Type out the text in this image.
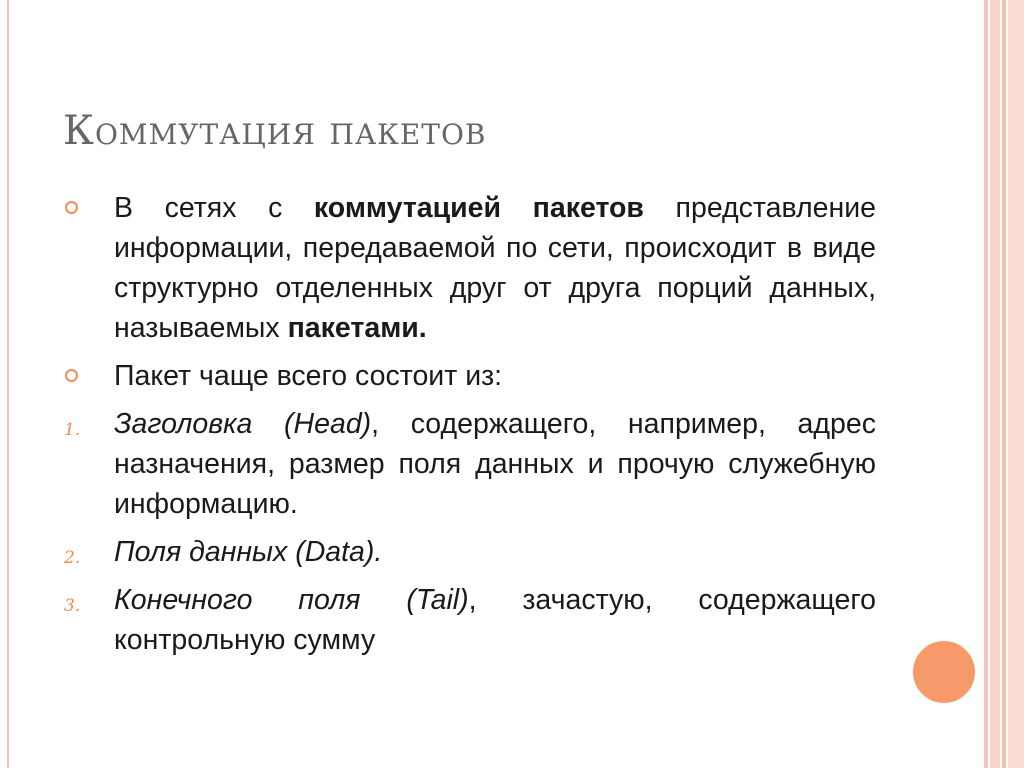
Коммутация пакетов

В сетях с коммутацией пакетов представление информации, передаваемой по сети, происходит в виде структурно отделенных друг от друга порций данных, называемых пакетами.

Пакет чаще всего состоит из:

1. Заголовка (Head), содержащего, например, адрес назначения, размер поля данных и прочую служебную информацию.

2. Поля данных (Data).

3. Конечного поля (Tail), зачастую, содержащего контрольную сумму
